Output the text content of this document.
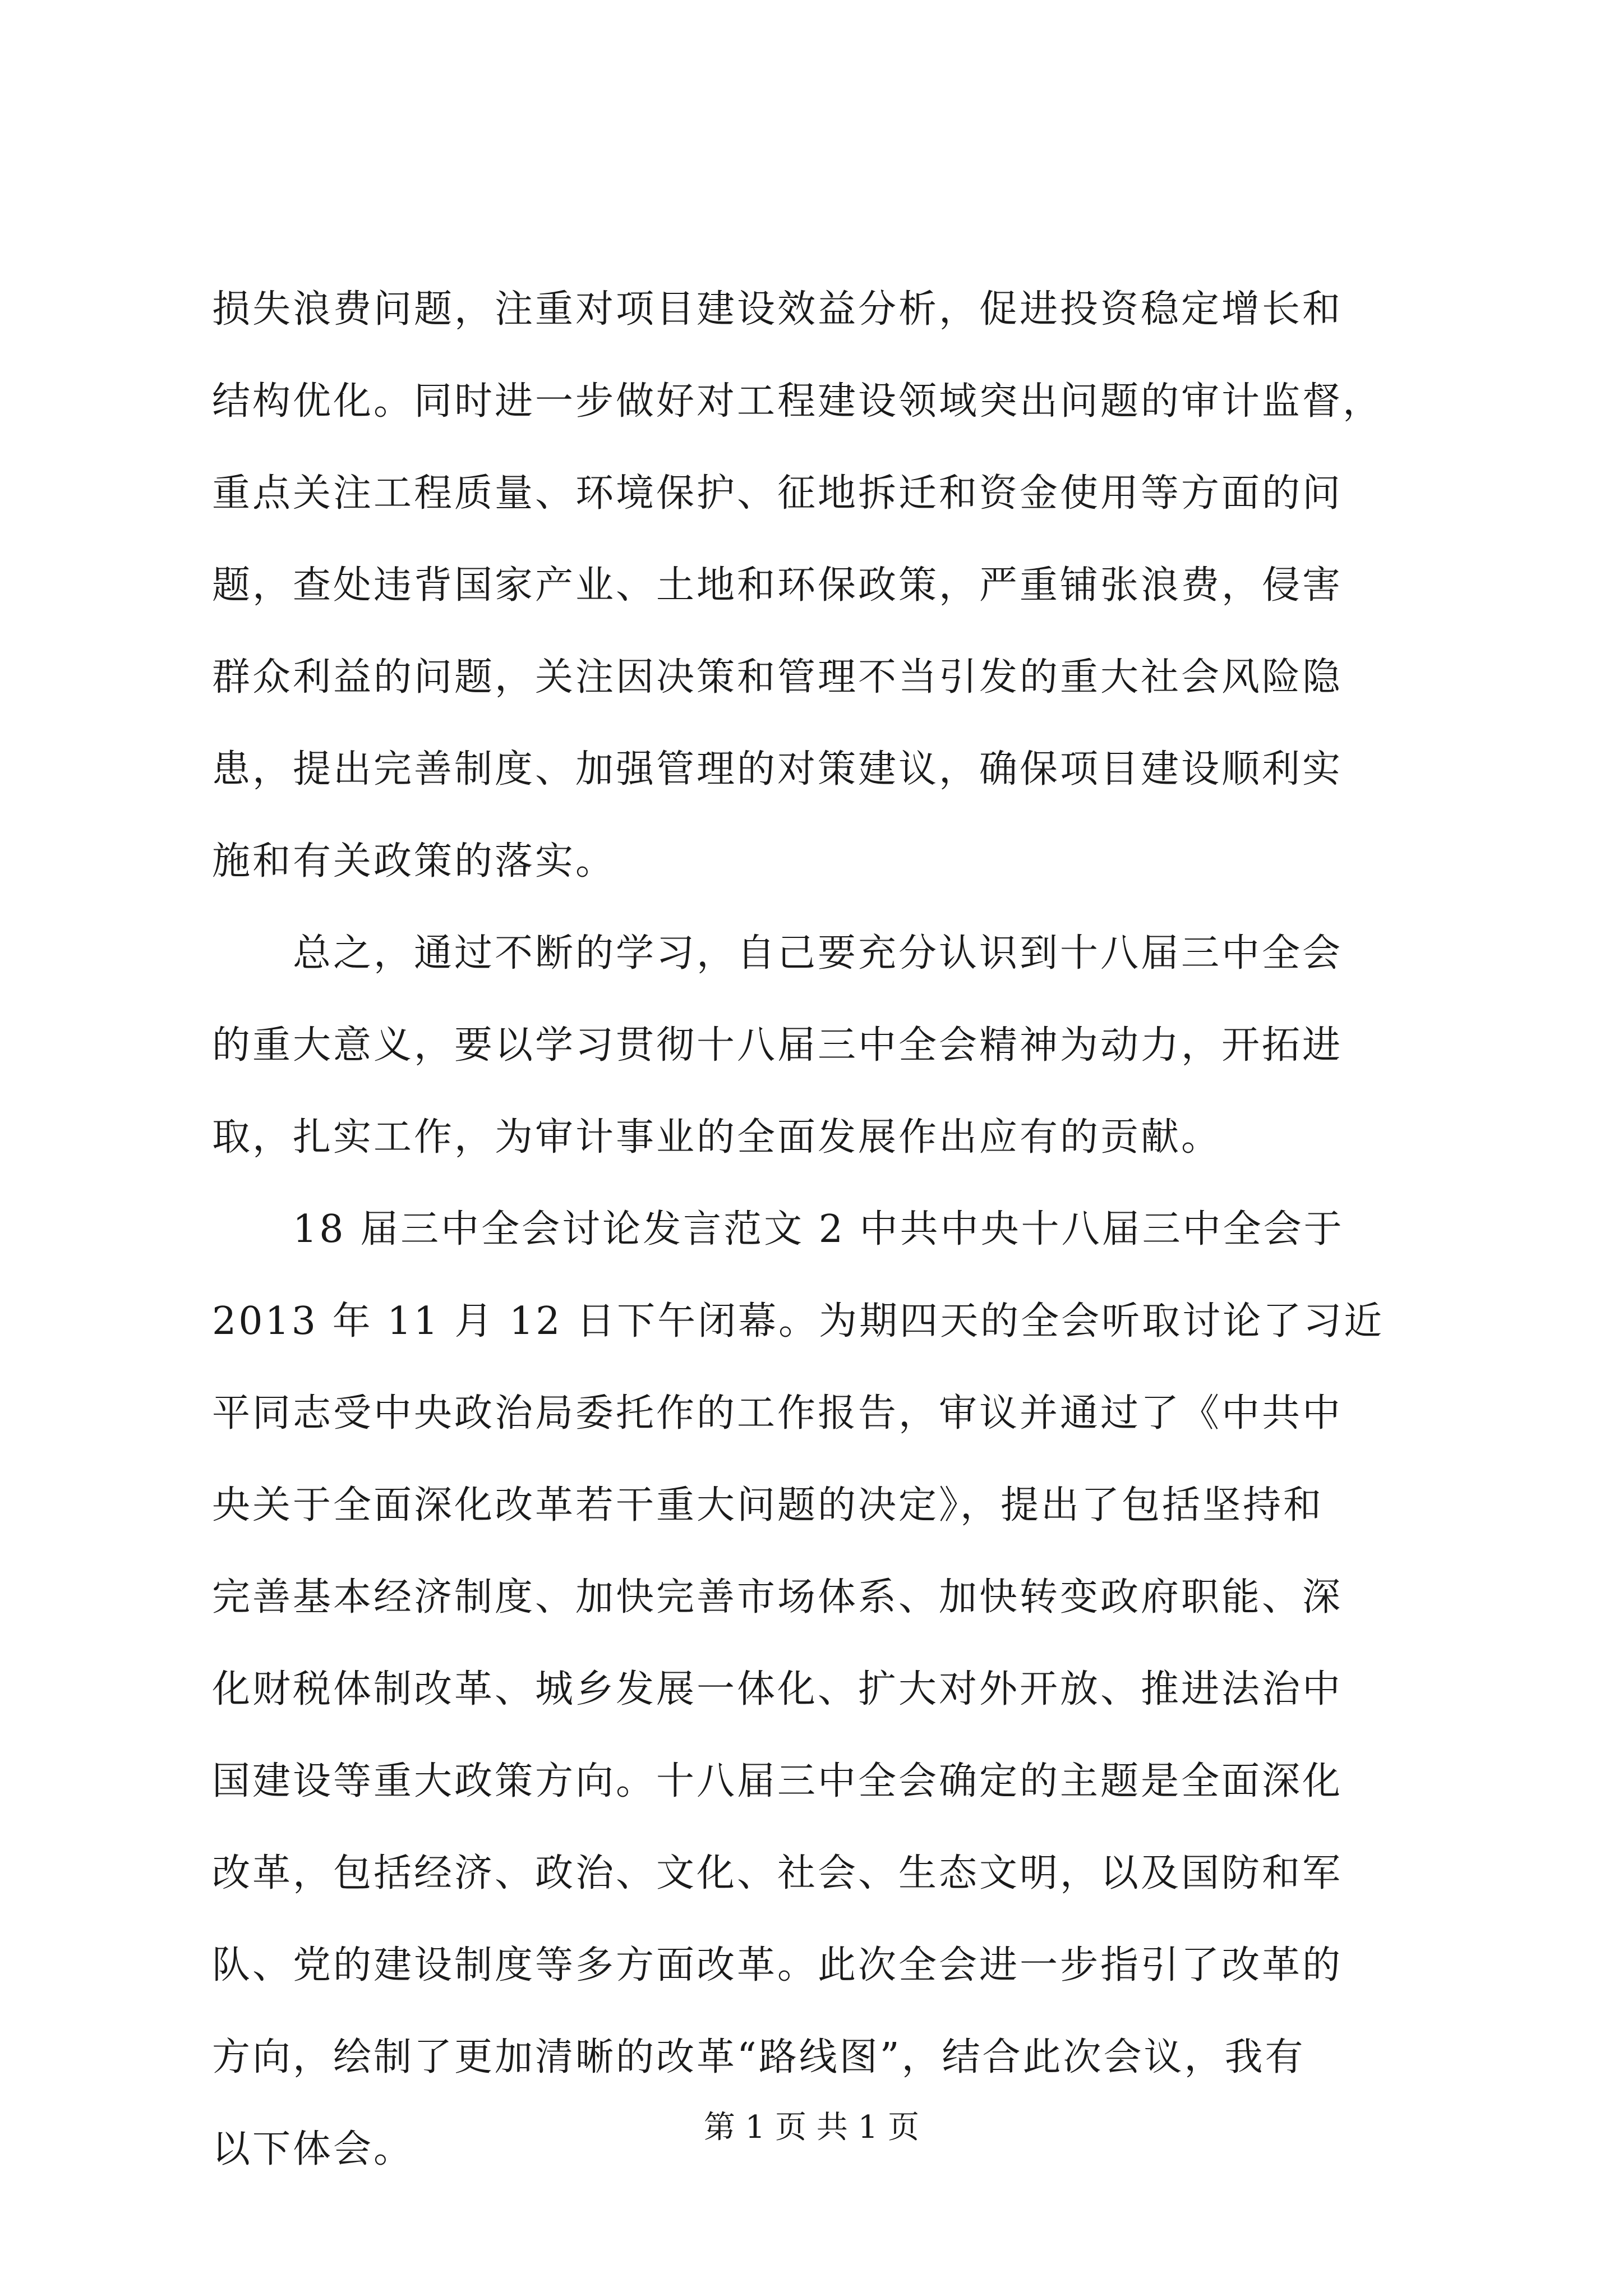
损失浪费问题，注重对项目建设效益分析，促进投资稳定增长和
结构优化。同时进一步做好对工程建设领域突出问题的审计监督，
重点关注工程质量、环境保护、征地拆迁和资金使用等方面的问
题，查处违背国家产业、土地和环保政策，严重铺张浪费，侵害
群众利益的问题，关注因决策和管理不当引发的重大社会风险隐
患，提出完善制度、加强管理的对策建议，确保项目建设顺利实
施和有关政策的落实。
总之，通过不断的学习，自己要充分认识到十八届三中全会
的重大意义，要以学习贯彻十八届三中全会精神为动力，开拓进
取，扎实工作，为审计事业的全面发展作出应有的贡献。
18 届三中全会讨论发言范文 2 中共中央十八届三中全会于
2013 年 11 月 12 日下午闭幕。为期四天的全会听取讨论了习近
平同志受中央政治局委托作的工作报告，审议并通过了《中共中
央关于全面深化改革若干重大问题的决定》，提出了包括坚持和
完善基本经济制度、加快完善市场体系、加快转变政府职能、深
化财税体制改革、城乡发展一体化、扩大对外开放、推进法治中
国建设等重大政策方向。十八届三中全会确定的主题是全面深化
改革，包括经济、政治、文化、社会、生态文明，以及国防和军
队、党的建设制度等多方面改革。此次全会进一步指引了改革的
方向，绘制了更加清晰的改革“路线图”，结合此次会议，我有
以下体会。	第 1 页 共 1 页
